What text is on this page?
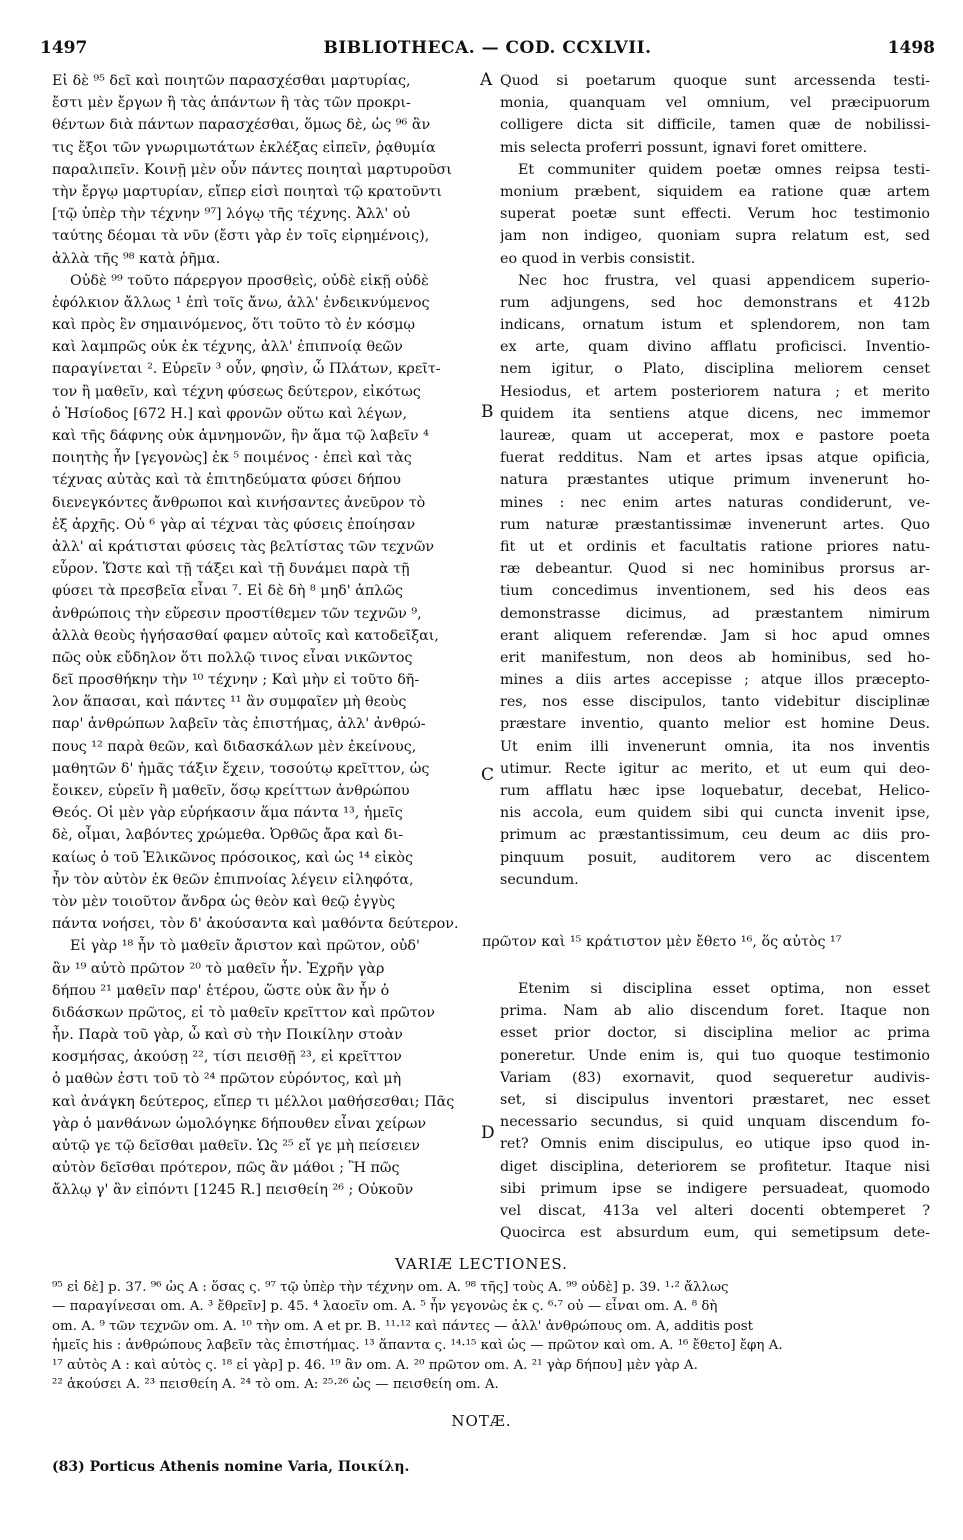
1497	BIBLIOTHECA. — COD. CCXLVII.	1498
A
B
C
D
Εἰ δὲ ⁹⁵ δεῖ καὶ ποιητῶν παρασχέσθαι μαρτυρίας,
ἔστι μὲν ἔργων ἢ τὰς ἁπάντων ἢ τὰς τῶν προκρι-
θέντων διὰ πάντων παρασχέσθαι, ὅμως δὲ, ὡς ⁹⁶ ἂν
τις ἔξοι τῶν γνωριμωτάτων ἐκλέξας εἰπεῖν, ῥᾳθυμία
παραλιπεῖν. Κοινῇ μὲν οὖν πάντες ποιηταὶ μαρτυροῦσι
τὴν ἔργῳ μαρτυρίαν, εἴπερ εἰσὶ ποιηταὶ τῷ κρατοῦντι
[τῷ ὑπὲρ τὴν τέχνην ⁹⁷] λόγῳ τῆς τέχνης. Ἀλλ' οὐ
ταύτης δέομαι τὰ νῦν (ἔστι γὰρ ἐν τοῖς εἰρημένοις),
ἀλλὰ τῆς ⁹⁸ κατὰ ῥῆμα.
Οὐδὲ ⁹⁹ τοῦτο πάρεργον προσθεὶς, οὐδὲ εἰκῇ οὐδὲ
ἐφόλκιον ἄλλως ¹ ἐπὶ τοῖς ἄνω, ἀλλ' ἐνδεικνύμενος
καὶ πρὸς ἓν σημαινόμενος, ὅτι τοῦτο τὸ ἐν κόσμῳ
καὶ λαμπρῶς οὐκ ἐκ τέχνης, ἀλλ' ἐπιπνοίᾳ θεῶν
παραγίνεται ². Εὑρεῖν ³ οὖν, φησὶν, ὦ Πλάτων, κρεῖτ-
τον ἢ μαθεῖν, καὶ τέχνη φύσεως δεύτερον, εἰκότως
ὁ Ἡσίοδος [672 H.] καὶ φρονῶν οὕτω καὶ λέγων,
καὶ τῆς δάφνης οὐκ ἀμνημονῶν, ἣν ἅμα τῷ λαβεῖν ⁴
ποιητὴς ἦν [γεγονὼς] ἐκ ⁵ ποιμένος · ἐπεὶ καὶ τὰς
τέχνας αὐτὰς καὶ τὰ ἐπιτηδεύματα φύσει δήπου
διενεγκόντες ἄνθρωποι καὶ κινήσαντες ἀνεῦρον τὸ
ἐξ ἀρχῆς. Οὐ ⁶ γὰρ αἱ τέχναι τὰς φύσεις ἐποίησαν
ἀλλ' αἱ κράτισται φύσεις τὰς βελτίστας τῶν τεχνῶν
εὗρον. Ὥστε καὶ τῇ τάξει καὶ τῇ δυνάμει παρὰ τῇ
φύσει τὰ πρεσβεῖα εἶναι ⁷. Εἰ δὲ δὴ ⁸ μηδ' ἁπλῶς
ἀνθρώποις τὴν εὕρεσιν προστίθεμεν τῶν τεχνῶν ⁹,
ἀλλὰ θεοὺς ἡγήσασθαί φαμεν αὐτοῖς καὶ κατοδεῖξαι,
πῶς οὐκ εὔδηλον ὅτι πολλῷ τινος εἶναι νικῶντος
δεῖ προσθήκην τὴν ¹⁰ τέχνην ; Καὶ μὴν εἰ τοῦτο δῆ-
λον ἅπασαι, καὶ πάντες ¹¹ ἂν συμφαῖεν μὴ θεοὺς
παρ' ἀνθρώπων λαβεῖν τὰς ἐπιστήμας, ἀλλ' ἀνθρώ-
πους ¹² παρὰ θεῶν, καὶ διδασκάλων μὲν ἐκείνους,
μαθητῶν δ' ἡμᾶς τάξιν ἔχειν, τοσούτῳ κρεῖττον, ὡς
ἔοικεν, εὑρεῖν ἢ μαθεῖν, ὅσῳ κρείττων ἀνθρώπου
Θεός. Οἱ μὲν γὰρ εὑρήκασιν ἅμα πάντα ¹³, ἡμεῖς
δὲ, οἶμαι, λαβόντες χρώμεθα. Ὀρθῶς ἄρα καὶ δι-
καίως ὁ τοῦ Ἑλικῶνος πρόσοικος, καὶ ὡς ¹⁴ εἰκὸς
ἦν τὸν αὐτὸν ἐκ θεῶν ἐπιπνοίας λέγειν εἰληφότα,
τὸν μὲν τοιοῦτον ἄνδρα ὡς θεὸν καὶ θεῷ ἐγγὺς
πάντα νοήσει, τὸν δ' ἀκούσαντα καὶ μαθόντα δεύτερον.
Εἰ γὰρ ¹⁸ ἦν τὸ μαθεῖν ἄριστον καὶ πρῶτον, οὐδ'
ἂν ¹⁹ αὐτὸ πρῶτον ²⁰ τὸ μαθεῖν ἦν. Ἐχρῆν γὰρ
δήπου ²¹ μαθεῖν παρ' ἑτέρου, ὥστε οὐκ ἂν ἦν ὁ
διδάσκων πρῶτος, εἰ τὸ μαθεῖν κρεῖττον καὶ πρῶτον
ἦν. Παρὰ τοῦ γὰρ, ὦ καὶ σὺ τὴν Ποικίλην στοὰν
κοσμήσας, ἀκούσῃ ²², τίσι πεισθῇ ²³, εἰ κρεῖττον
ὁ μαθὼν ἐστι τοῦ τὸ ²⁴ πρῶτον εὑρόντος, καὶ μὴ
καὶ ἀνάγκη δεύτερος, εἴπερ τι μέλλοι μαθήσεσθαι; Πᾶς
γὰρ ὁ μανθάνων ὡμολόγηκε δήπουθεν εἶναι χείρων
αὐτῷ γε τῷ δεῖσθαι μαθεῖν. Ὡς ²⁵ εἴ γε μὴ πείσειεν
αὐτὸν δεῖσθαι πρότερον, πῶς ἂν μάθοι ; Ἢ πῶς
ἄλλῳ γ' ἂν εἰπόντι [1245 R.] πεισθείη ²⁶ ; Οὐκοῦν
Quod si poetarum quoque sunt arcessenda testi-
monia, quanquam vel omnium, vel præcipuorum
colligere dicta sit difficile, tamen quæ de nobilissi-
mis selecta proferri possunt, ignavi foret omittere.
Et communiter quidem poetæ omnes reipsa testi-
monium præbent, siquidem ea ratione quæ artem
superat poetæ sunt effecti. Verum hoc testimonio
jam non indigeo, quoniam supra relatum est, sed
eo quod in verbis consistit.
Nec hoc frustra, vel quasi appendicem superio-
rum adjungens, sed hoc demonstrans et 412b
indicans, ornatum istum et splendorem, non tam
ex arte, quam divino afflatu proficisci. Inventio-
nem igitur, o Plato, disciplina meliorem censet
Hesiodus, et artem posteriorem natura ; et merito
quidem ita sentiens atque dicens, nec immemor
laureæ, quam ut acceperat, mox e pastore poeta
fuerat redditus. Nam et artes ipsas atque opificia,
natura præstantes utique primum invenerunt ho-
mines : nec enim artes naturas condiderunt, ve-
rum naturæ præstantissimæ invenerunt artes. Quo
fit ut et ordinis et facultatis ratione priores natu-
ræ debeantur. Quod si nec hominibus prorsus ar-
tium concedimus inventionem, sed his deos eas
demonstrasse dicimus, ad præstantem nimirum
erant aliquem referendæ. Jam si hoc apud omnes
erit manifestum, non deos ab hominibus, sed ho-
mines a diis artes accepisse ; atque illos præcepto-
res, nos esse discipulos, tanto videbitur disciplinæ
præstare inventio, quanto melior est homine Deus.
Ut enim illi invenerunt omnia, ita nos inventis
utimur. Recte igitur ac merito, et ut eum qui deo-
rum afflatu hæc ipse loquebatur, decebat, Helico-
nis accola, eum quidem sibi qui cuncta invenit ipse,
primum ac præstantissimum, ceu deum ac diis pro-
pinquum posuit, auditorem vero ac discentem
secundum.
πρῶτον καὶ ¹⁵ κράτιστον μὲν ἔθετο ¹⁶, ὅς αὐτὸς ¹⁷
Etenim si disciplina esset optima, non esset
prima. Nam ab alio discendum foret. Itaque non
esset prior doctor, si disciplina melior ac prima
poneretur. Unde enim is, qui tuo quoque testimonio
Variam (83) exornavit, quod sequeretur audivis-
set, si discipulus inventori præstaret, nec esset
necessario secundus, si quid unquam discendum fo-
ret? Omnis enim discipulus, eo utique ipso quod in-
diget disciplina, deteriorem se profitetur. Itaque nisi
sibi primum ipse se indigere persuadeat, quomodo
vel discat, 413a vel alteri docenti obtemperet ?
Quocirca est absurdum eum, qui semetipsum dete-
VARIÆ LECTIONES.
⁹⁵ εἰ δὲ] p. 37. ⁹⁶ ὡς A : ὅσας ς. ⁹⁷ τῷ ὑπὲρ τὴν τέχνην om. A. ⁹⁸ τῆς] τοὺς A. ⁹⁹ οὐδὲ] p. 39. ¹·² ἄλλως
— παραγίνεσαι om. A. ³ ἔθρεῖν] p. 45. ⁴ λαοεῖν om. A. ⁵ ἦν γεγονὼς ἐκ ς. ⁶·⁷ οὐ — εἶναι om. A. ⁸ δὴ
om. A. ⁹ τῶν τεχνῶν om. A. ¹⁰ τὴν om. A et pr. B. ¹¹·¹² καὶ πάντες — ἀλλ' ἀνθρώπους om. A, additis post
ἡμεῖς his : ἀνθρώπους λαβεῖν τὰς ἐπιστήμας. ¹³ ἅπαντα ς. ¹⁴·¹⁵ καὶ ὡς — πρῶτον καὶ om. A. ¹⁶ ἔθετο] ἔφη A.
¹⁷ αὐτὸς A : καὶ αὐτὸς ς. ¹⁸ εἰ γὰρ] p. 46. ¹⁹ ἂν om. A. ²⁰ πρῶτον om. A. ²¹ γὰρ δήπου] μὲν γὰρ A.
²² ἀκούσει A. ²³ πεισθείη A. ²⁴ τὸ om. A: ²⁵·²⁶ ὡς — πεισθείη om. A.
NOTÆ.
(83) Porticus Athenis nomine Varia, Ποικίλη.
